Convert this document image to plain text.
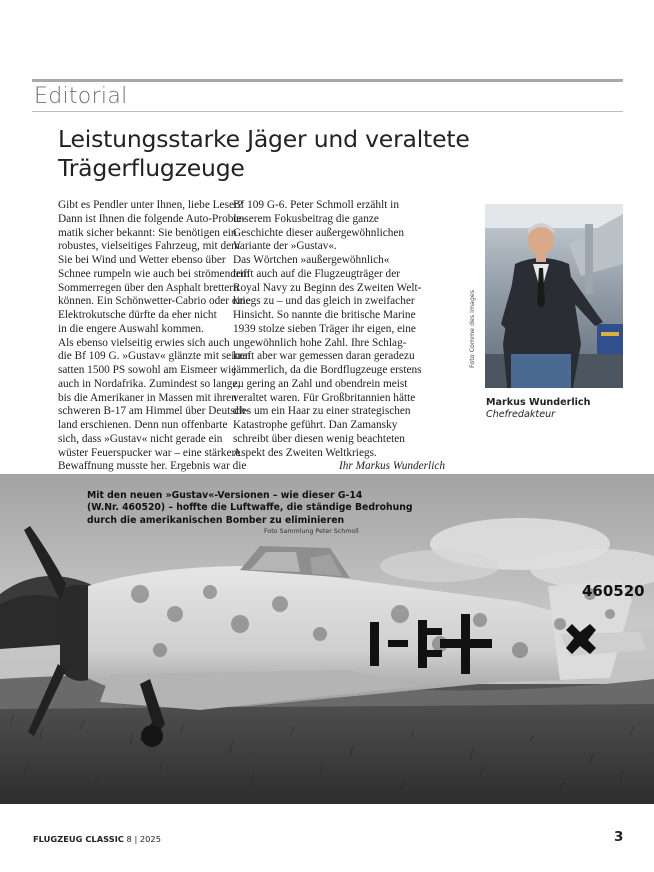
Editorial
Leistungsstarke Jäger und veraltete Trägerflugzeuge

Gibt es Pendler unter Ihnen, liebe Leser?

Dann ist Ihnen die folgende Auto-Proble-

matik sicher bekannt: Sie benötigen ein

robustes, vielseitiges Fahrzeug, mit dem

Sie bei Wind und Wetter ebenso über

Schnee rumpeln wie auch bei strömendem

Sommerregen über den Asphalt brettern

können. Ein Schönwetter-Cabrio oder eine

Elektrokutsche dürfte da eher nicht

in die engere Auswahl kommen.

Als ebenso vielseitig erwies sich auch

die Bf 109 G. »Gustav« glänzte mit seinen

satten 1500 PS sowohl am Eismeer wie

auch in Nordafrika. Zumindest so lange,

bis die Amerikaner in Massen mit ihren

schweren B-17 am Himmel über Deutsch-

land erschienen. Denn nun offenbarte

sich, dass »Gustav« nicht gerade ein

wüster Feuerspucker war – eine stärkere

Bewaffnung musste her. Ergebnis war die

Bf 109 G-6. Peter Schmoll erzählt in

unserem Fokusbeitrag die ganze

Geschichte dieser außergewöhnlichen

Variante der »Gustav«.

Das Wörtchen »außergewöhnlich«

trifft auch auf die Flugzeugträger der

Royal Navy zu Beginn des Zweiten Welt-

kriegs zu – und das gleich in zweifacher

Hinsicht. So nannte die britische Marine

1939 stolze sieben Träger ihr eigen, eine

ungewöhnlich hohe Zahl. Ihre Schlag-

kraft aber war gemessen daran geradezu

jämmerlich, da die Bordflugzeuge erstens

zu gering an Zahl und obendrein meist

veraltet waren. Für Großbritannien hätte

dies um ein Haar zu einer strategischen

Katastrophe geführt. Dan Zamansky

schreibt über diesen wenig beachteten

Aspekt des Zweiten Weltkriegs.

Ihr Markus Wunderlich

Foto Comme des images
Markus Wunderlich
Chefredakteur
460520
Mit den neuen »Gustav«-Versionen – wie dieser G-14
(W.Nr. 460520) – hoffte die Luftwaffe, die ständige Bedrohung
durch die amerikanischen Bomber zu eliminieren
Foto Sammlung Peter Schmoll
FLUGZEUG CLASSIC 8 | 2025	3
